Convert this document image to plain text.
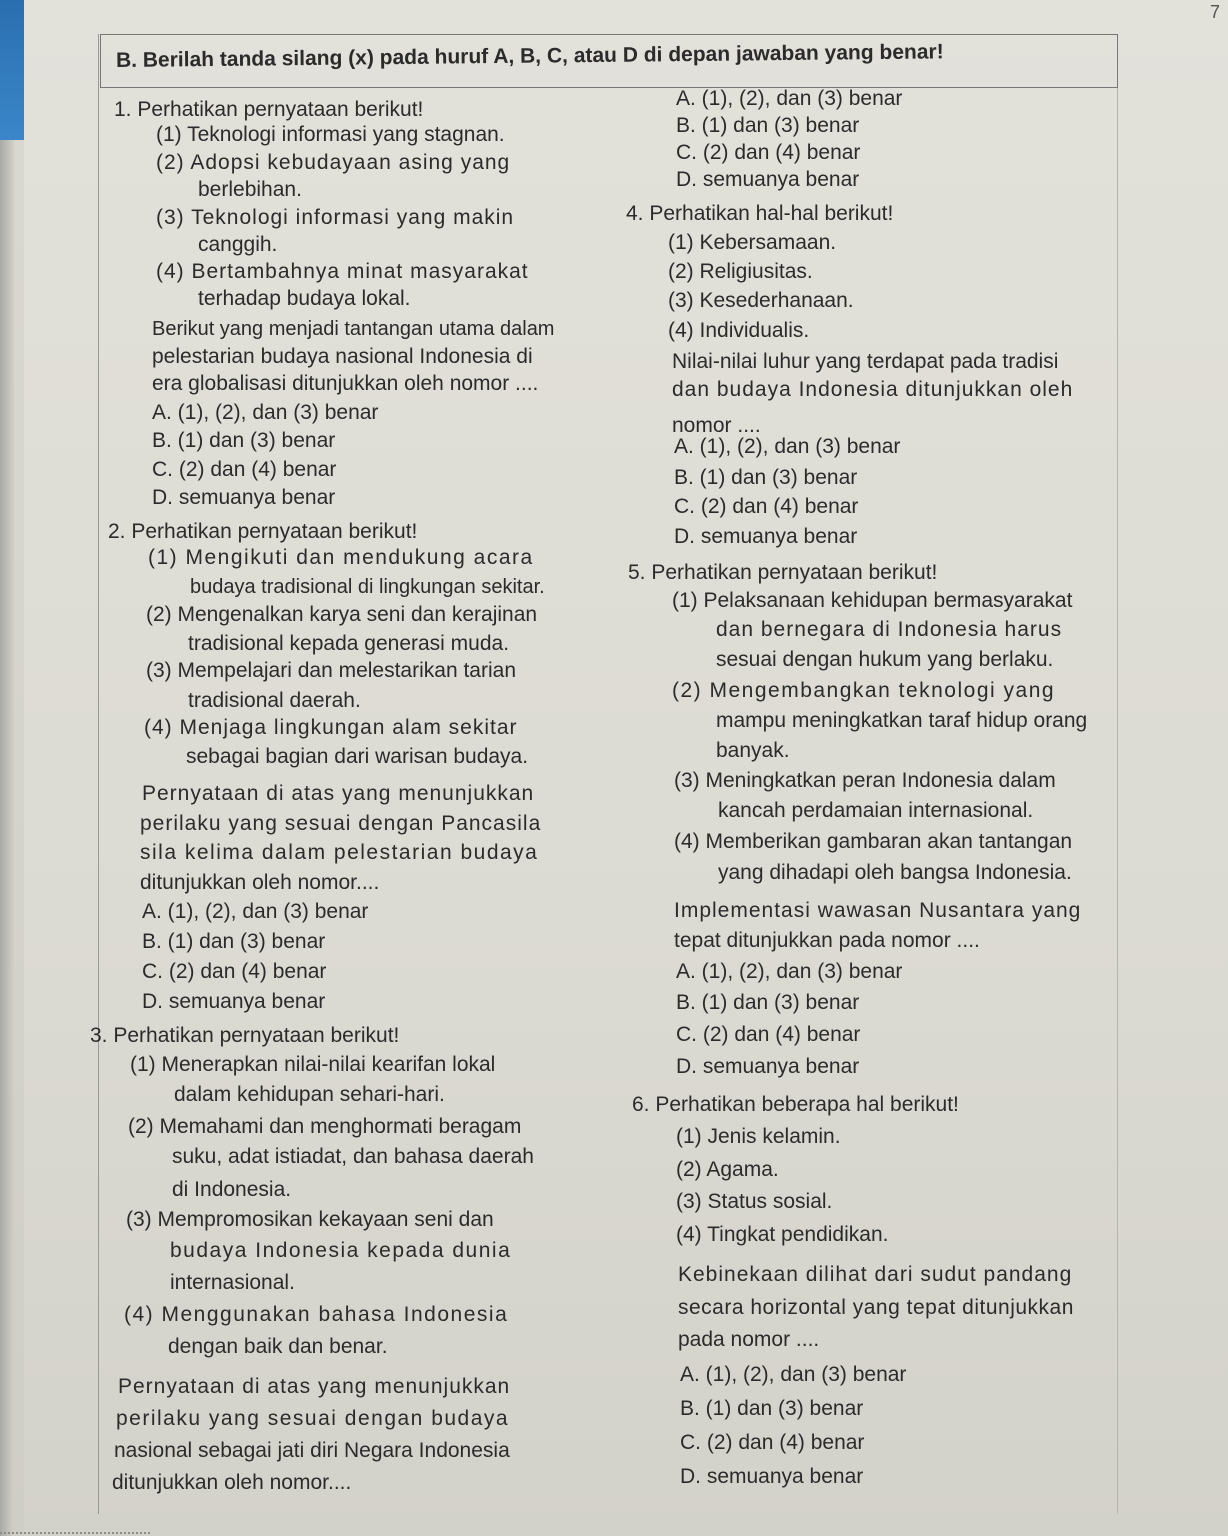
7
B. Berilah tanda silang (x) pada huruf A, B, C, atau D di depan jawaban yang benar!
1. Perhatikan pernyataan berikut!
(1) Teknologi informasi yang stagnan.
(2) Adopsi kebudayaan asing yang
berlebihan.
(3) Teknologi informasi yang makin
canggih.
(4) Bertambahnya minat masyarakat
terhadap budaya lokal.
Berikut yang menjadi tantangan utama dalam
pelestarian budaya nasional Indonesia di
era globalisasi ditunjukkan oleh nomor ....
A. (1), (2), dan (3) benar
B. (1) dan (3) benar
C. (2) dan (4) benar
D. semuanya benar
2. Perhatikan pernyataan berikut!
(1) Mengikuti dan mendukung acara
budaya tradisional di lingkungan sekitar.
(2) Mengenalkan karya seni dan kerajinan
tradisional kepada generasi muda.
(3) Mempelajari dan melestarikan tarian
tradisional daerah.
(4) Menjaga lingkungan alam sekitar
sebagai bagian dari warisan budaya.
Pernyataan di atas yang menunjukkan
perilaku yang sesuai dengan Pancasila
sila kelima dalam pelestarian budaya
ditunjukkan oleh nomor....
A. (1), (2), dan (3) benar
B. (1) dan (3) benar
C. (2) dan (4) benar
D. semuanya benar
3. Perhatikan pernyataan berikut!
(1) Menerapkan nilai-nilai kearifan lokal
dalam kehidupan sehari-hari.
(2) Memahami dan menghormati beragam
suku, adat istiadat, dan bahasa daerah
di Indonesia.
(3) Mempromosikan kekayaan seni dan
budaya Indonesia kepada dunia
internasional.
(4) Menggunakan bahasa Indonesia
dengan baik dan benar.
Pernyataan di atas yang menunjukkan
perilaku yang sesuai dengan budaya
nasional sebagai jati diri Negara Indonesia
ditunjukkan oleh nomor....
A. (1), (2), dan (3) benar
B. (1) dan (3) benar
C. (2) dan (4) benar
D. semuanya benar
4. Perhatikan hal-hal berikut!
(1) Kebersamaan.
(2) Religiusitas.
(3) Kesederhanaan.
(4) Individualis.
Nilai-nilai luhur yang terdapat pada tradisi
dan budaya Indonesia ditunjukkan oleh
nomor ....
A. (1), (2), dan (3) benar
B. (1) dan (3) benar
C. (2) dan (4) benar
D. semuanya benar
5. Perhatikan pernyataan berikut!
(1) Pelaksanaan kehidupan bermasyarakat
dan bernegara di Indonesia harus
sesuai dengan hukum yang berlaku.
(2) Mengembangkan teknologi yang
mampu meningkatkan taraf hidup orang
banyak.
(3) Meningkatkan peran Indonesia dalam
kancah perdamaian internasional.
(4) Memberikan gambaran akan tantangan
yang dihadapi oleh bangsa Indonesia.
Implementasi wawasan Nusantara yang
tepat ditunjukkan pada nomor ....
A. (1), (2), dan (3) benar
B. (1) dan (3) benar
C. (2) dan (4) benar
D. semuanya benar
6. Perhatikan beberapa hal berikut!
(1) Jenis kelamin.
(2) Agama.
(3) Status sosial.
(4) Tingkat pendidikan.
Kebinekaan dilihat dari sudut pandang
secara horizontal yang tepat ditunjukkan
pada nomor ....
A. (1), (2), dan (3) benar
B. (1) dan (3) benar
C. (2) dan (4) benar
D. semuanya benar
